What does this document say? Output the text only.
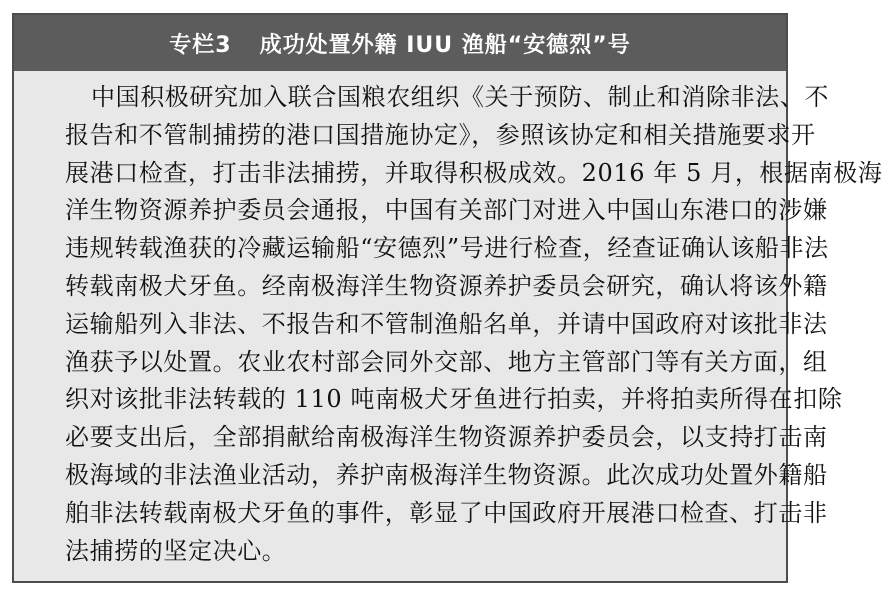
专栏3 成功处置外籍 IUU 渔船“安德烈”号
中国积极研究加入联合国粮农组织《关于预防、制止和消除非法、不
报告和不管制捕捞的港口国措施协定》，参照该协定和相关措施要求开
展港口检查，打击非法捕捞，并取得积极成效。2016 年 5 月，根据南极海
洋生物资源养护委员会通报，中国有关部门对进入中国山东港口的涉嫌
违规转载渔获的冷藏运输船“安德烈”号进行检查，经查证确认该船非法
转载南极犬牙鱼。经南极海洋生物资源养护委员会研究，确认将该外籍
运输船列入非法、不报告和不管制渔船名单，并请中国政府对该批非法
渔获予以处置。农业农村部会同外交部、地方主管部门等有关方面，组
织对该批非法转载的 110 吨南极犬牙鱼进行拍卖，并将拍卖所得在扣除
必要支出后，全部捐献给南极海洋生物资源养护委员会，以支持打击南
极海域的非法渔业活动，养护南极海洋生物资源。此次成功处置外籍船
舶非法转载南极犬牙鱼的事件，彰显了中国政府开展港口检查、打击非
法捕捞的坚定决心。
